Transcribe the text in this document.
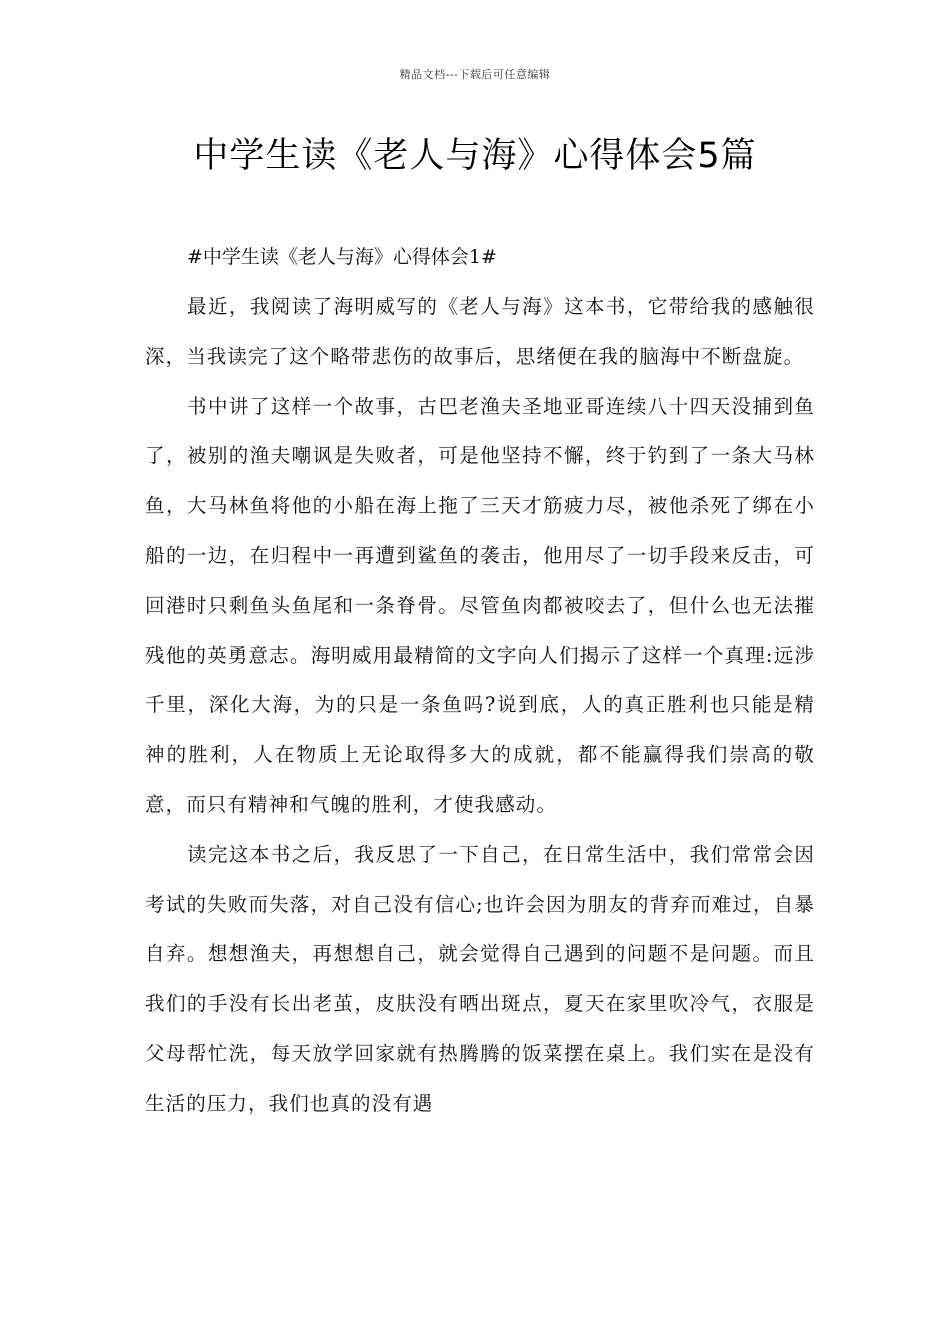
精品文档---下载后可任意编辑
中学生读《老人与海》心得体会5篇

#中学生读《老人与海》心得体会1#

最近，我阅读了海明威写的《老人与海》这本书，它带给我的感触很深，当我读完了这个略带悲伤的故事后，思绪便在我的脑海中不断盘旋。

书中讲了这样一个故事，古巴老渔夫圣地亚哥连续八十四天没捕到鱼了，被别的渔夫嘲讽是失败者，可是他坚持不懈，终于钓到了一条大马林鱼，大马林鱼将他的小船在海上拖了三天才筋疲力尽，被他杀死了绑在小船的一边，在归程中一再遭到鲨鱼的袭击，他用尽了一切手段来反击，可回港时只剩鱼头鱼尾和一条脊骨。尽管鱼肉都被咬去了，但什么也无法摧残他的英勇意志。海明威用最精简的文字向人们揭示了这样一个真理:远涉千里，深化大海，为的只是一条鱼吗?说到底，人的真正胜利也只能是精神的胜利，人在物质上无论取得多大的成就，都不能赢得我们崇高的敬意，而只有精神和气魄的胜利，才使我感动。

读完这本书之后，我反思了一下自己，在日常生活中，我们常常会因考试的失败而失落，对自己没有信心;也许会因为朋友的背弃而难过，自暴自弃。想想渔夫，再想想自己，就会觉得自己遇到的问题不是问题。而且我们的手没有长出老茧，皮肤没有晒出斑点，夏天在家里吹冷气，衣服是父母帮忙洗，每天放学回家就有热腾腾的饭菜摆在桌上。我们实在是没有生活的压力，我们也真的没有遇
